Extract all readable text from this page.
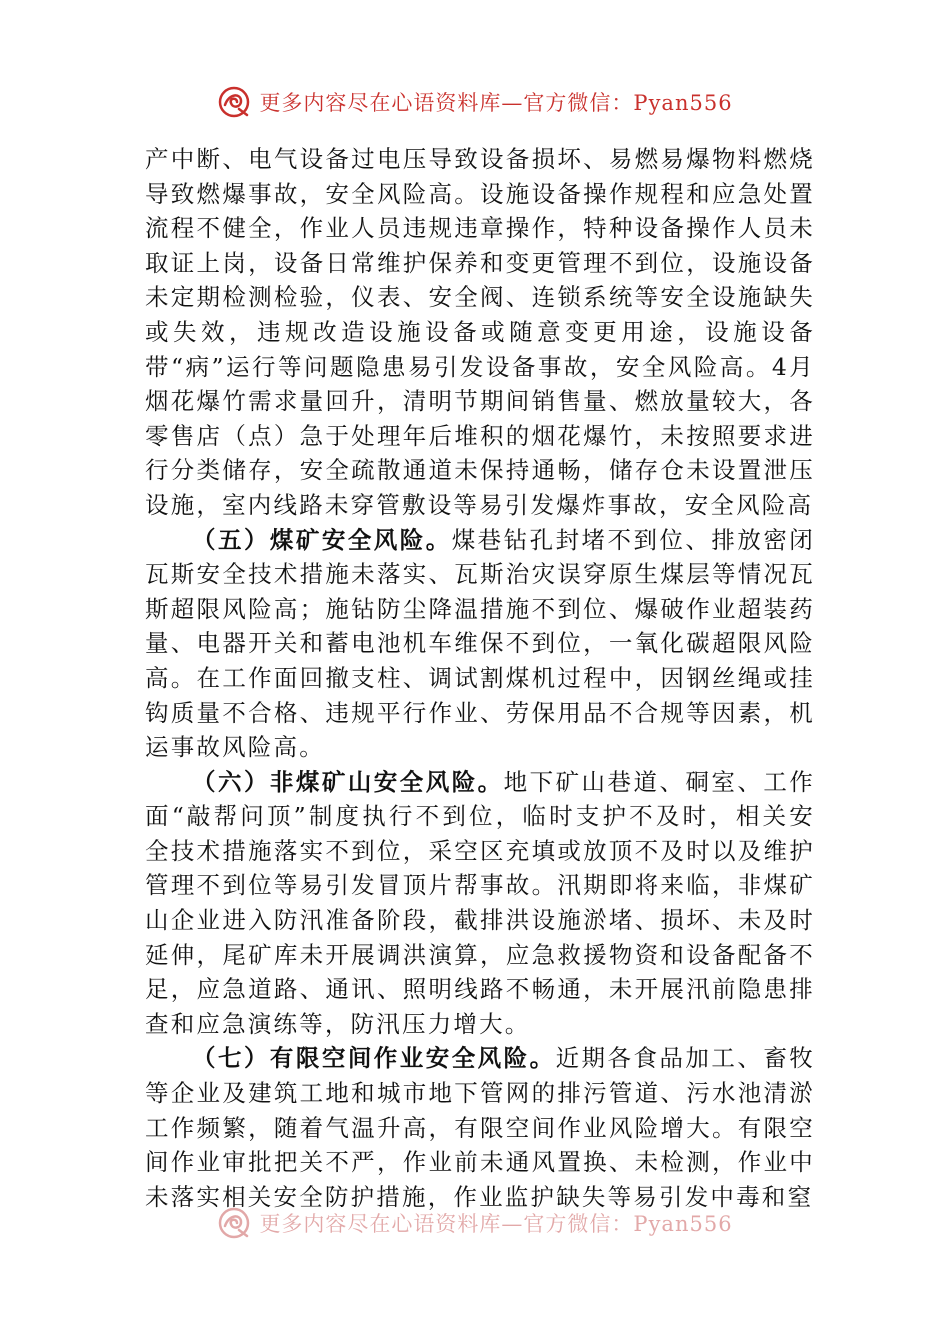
更多内容尽在心语资料库—官方微信：Pyan556

产中断、电气设备过电压导致设备损坏、易燃易爆物料燃烧导致燃爆事故，安全风险高。设施设备操作规程和应急处置流程不健全，作业人员违规违章操作，特种设备操作人员未取证上岗，设备日常维护保养和变更管理不到位，设施设备未定期检测检验，仪表、安全阀、连锁系统等安全设施缺失或失效，违规改造设施设备或随意变更用途，设施设备带“病”运行等问题隐患易引发设备事故，安全风险高。4月烟花爆竹需求量回升，清明节期间销售量、燃放量较大，各零售店（点）急于处理年后堆积的烟花爆竹，未按照要求进行分类储存，安全疏散通道未保持通畅，储存仓未设置泄压设施，室内线路未穿管敷设等易引发爆炸事故，安全风险高

（五）煤矿安全风险。煤巷钻孔封堵不到位、排放密闭瓦斯安全技术措施未落实、瓦斯治灾误穿原生煤层等情况瓦斯超限风险高；施钻防尘降温措施不到位、爆破作业超装药量、电器开关和蓄电池机车维保不到位，一氧化碳超限风险高。在工作面回撤支柱、调试割煤机过程中，因钢丝绳或挂钩质量不合格、违规平行作业、劳保用品不合规等因素，机运事故风险高。

（六）非煤矿山安全风险。地下矿山巷道、硐室、工作面“敲帮问顶”制度执行不到位，临时支护不及时，相关安全技术措施落实不到位，采空区充填或放顶不及时以及维护管理不到位等易引发冒顶片帮事故。汛期即将来临，非煤矿山企业进入防汛准备阶段，截排洪设施淤堵、损坏、未及时延伸，尾矿库未开展调洪演算，应急救援物资和设备配备不足，应急道路、通讯、照明线路不畅通，未开展汛前隐患排查和应急演练等，防汛压力增大。

（七）有限空间作业安全风险。近期各食品加工、畜牧等企业及建筑工地和城市地下管网的排污管道、污水池清淤工作频繁，随着气温升高，有限空间作业风险增大。有限空间作业审批把关不严，作业前未通风置换、未检测，作业中未落实相关安全防护措施，作业监护缺失等易引发中毒和窒

更多内容尽在心语资料库—官方微信：Pyan556
